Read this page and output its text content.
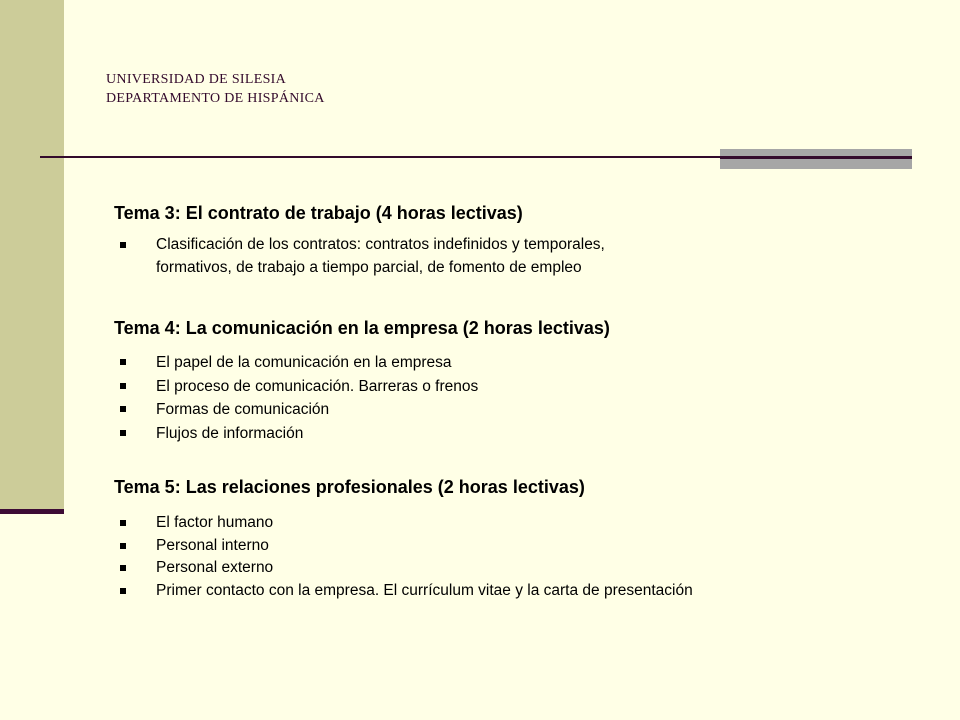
UNIVERSIDAD DE SILESIA
DEPARTAMENTO DE HISPÁNICA
Tema 3: El contrato de trabajo (4 horas lectivas)
Clasificación de los contratos: contratos indefinidos y temporales,
formativos, de trabajo a tiempo parcial, de fomento de empleo
Tema 4: La comunicación en la empresa (2 horas lectivas)
El papel de la comunicación en la empresa
El proceso de comunicación. Barreras o frenos
Formas de comunicación
Flujos de información
Tema 5: Las relaciones profesionales (2 horas lectivas)
El factor humano
Personal interno
Personal externo
Primer contacto con la empresa. El currículum vitae y la carta de presentación
